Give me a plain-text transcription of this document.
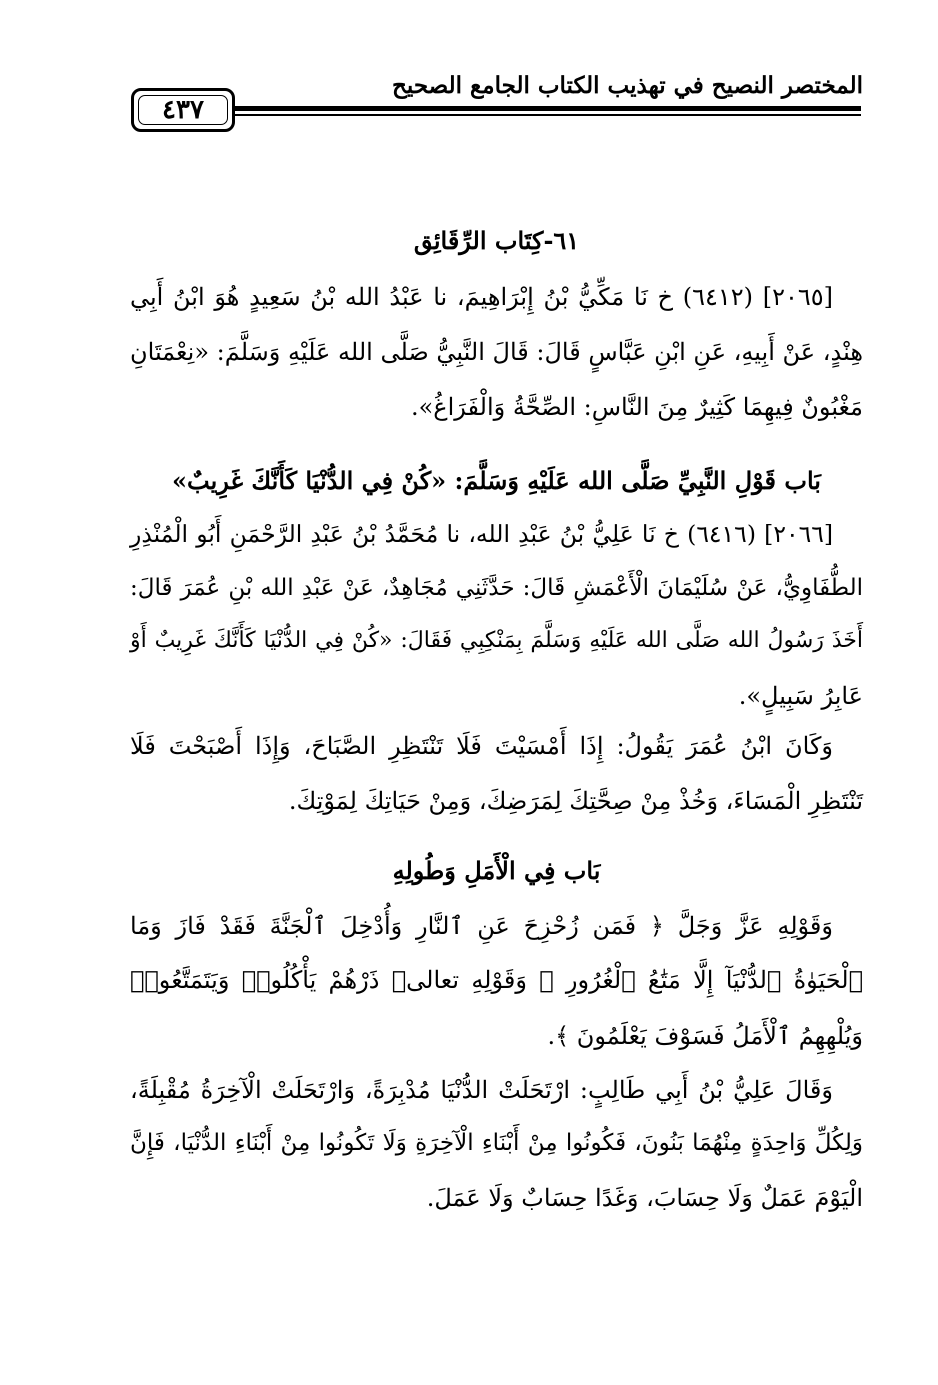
المختصر النصيح في تهذيب الكتاب الجامع الصحيح
٤٣٧
٦١-كِتَاب الرِّقَائِق
[٢٠٦٥] (٦٤١٢) خ نَا مَكِّيُّ بْنُ إِبْرَاهِيمَ، نا عَبْدُ الله بْنُ سَعِيدٍ هُوَ ابْنُ أَبِي
هِنْدٍ، عَنْ أَبِيهِ، عَنِ ابْنِ عَبَّاسٍ قَالَ: قَالَ النَّبِيُّ صَلَّى الله عَلَيْهِ وَسَلَّمَ: «نِعْمَتَانِ
مَغْبُونٌ فِيهِمَا كَثِيرٌ مِنَ النَّاسِ: الصِّحَّةُ وَالْفَرَاغُ».
بَاب قَوْلِ النَّبِيِّ صَلَّى الله عَلَيْهِ وَسَلَّمَ: «كُنْ فِي الدُّنْيَا كَأَنَّكَ غَرِيبٌ»
[٢٠٦٦] (٦٤١٦) خ نَا عَلِيُّ بْنُ عَبْدِ الله، نا مُحَمَّدُ بْنُ عَبْدِ الرَّحْمَنِ أَبُو الْمُنْذِرِ
الطُّفَاوِيُّ، عَنْ سُلَيْمَانَ الْأَعْمَشِ قَالَ: حَدَّثَنِي مُجَاهِدٌ، عَنْ عَبْدِ الله بْنِ عُمَرَ قَالَ:
أَخَذَ رَسُولُ الله صَلَّى الله عَلَيْهِ وَسَلَّمَ بِمَنْكِبِي فَقَالَ: «كُنْ فِي الدُّنْيَا كَأَنَّكَ غَرِيبٌ أَوْ
عَابِرُ سَبِيلٍ».
وَكَانَ ابْنُ عُمَرَ يَقُولُ: إِذَا أَمْسَيْتَ فَلَا تَنْتَظِرِ الصَّبَاحَ، وَإِذَا أَصْبَحْتَ فَلَا
تَنْتَظِرِ الْمَسَاءَ، وَخُذْ مِنْ صِحَّتِكَ لِمَرَضِكَ، وَمِنْ حَيَاتِكَ لِمَوْتِكَ.
بَاب فِي الْأَمَلِ وَطُولِهِ
وَقَوْلِهِ عَزَّ وَجَلَّ ﴿ فَمَن زُحْزِحَ عَنِ ٱلنَّارِ وَأُدْخِلَ ٱلْجَنَّةَ فَقَدْ فَازَ وَمَا
ٱلْحَيَوٰةُ ٱلدُّنْيَآ إِلَّا مَتَٰعُ ٱلْغُرُورِ ﴾ وَقَوْلِهِ تعالى﴿ ذَرْهُمْ يَأْكُلُوا۟ وَيَتَمَتَّعُوا۟
وَيُلْهِهِمُ ٱلْأَمَلُ فَسَوْفَ يَعْلَمُونَ ﴾.
وَقَالَ عَلِيُّ بْنُ أَبِي طَالِبٍ: ارْتَحَلَتْ الدُّنْيَا مُدْبِرَةً، وَارْتَحَلَتْ الْآخِرَةُ مُقْبِلَةً،
وَلِكُلِّ وَاحِدَةٍ مِنْهُمَا بَنُونَ، فَكُونُوا مِنْ أَبْنَاءِ الْآخِرَةِ وَلَا تَكُونُوا مِنْ أَبْنَاءِ الدُّنْيَا، فَإِنَّ
الْيَوْمَ عَمَلٌ وَلَا حِسَابَ، وَغَدًا حِسَابٌ وَلَا عَمَلَ.
